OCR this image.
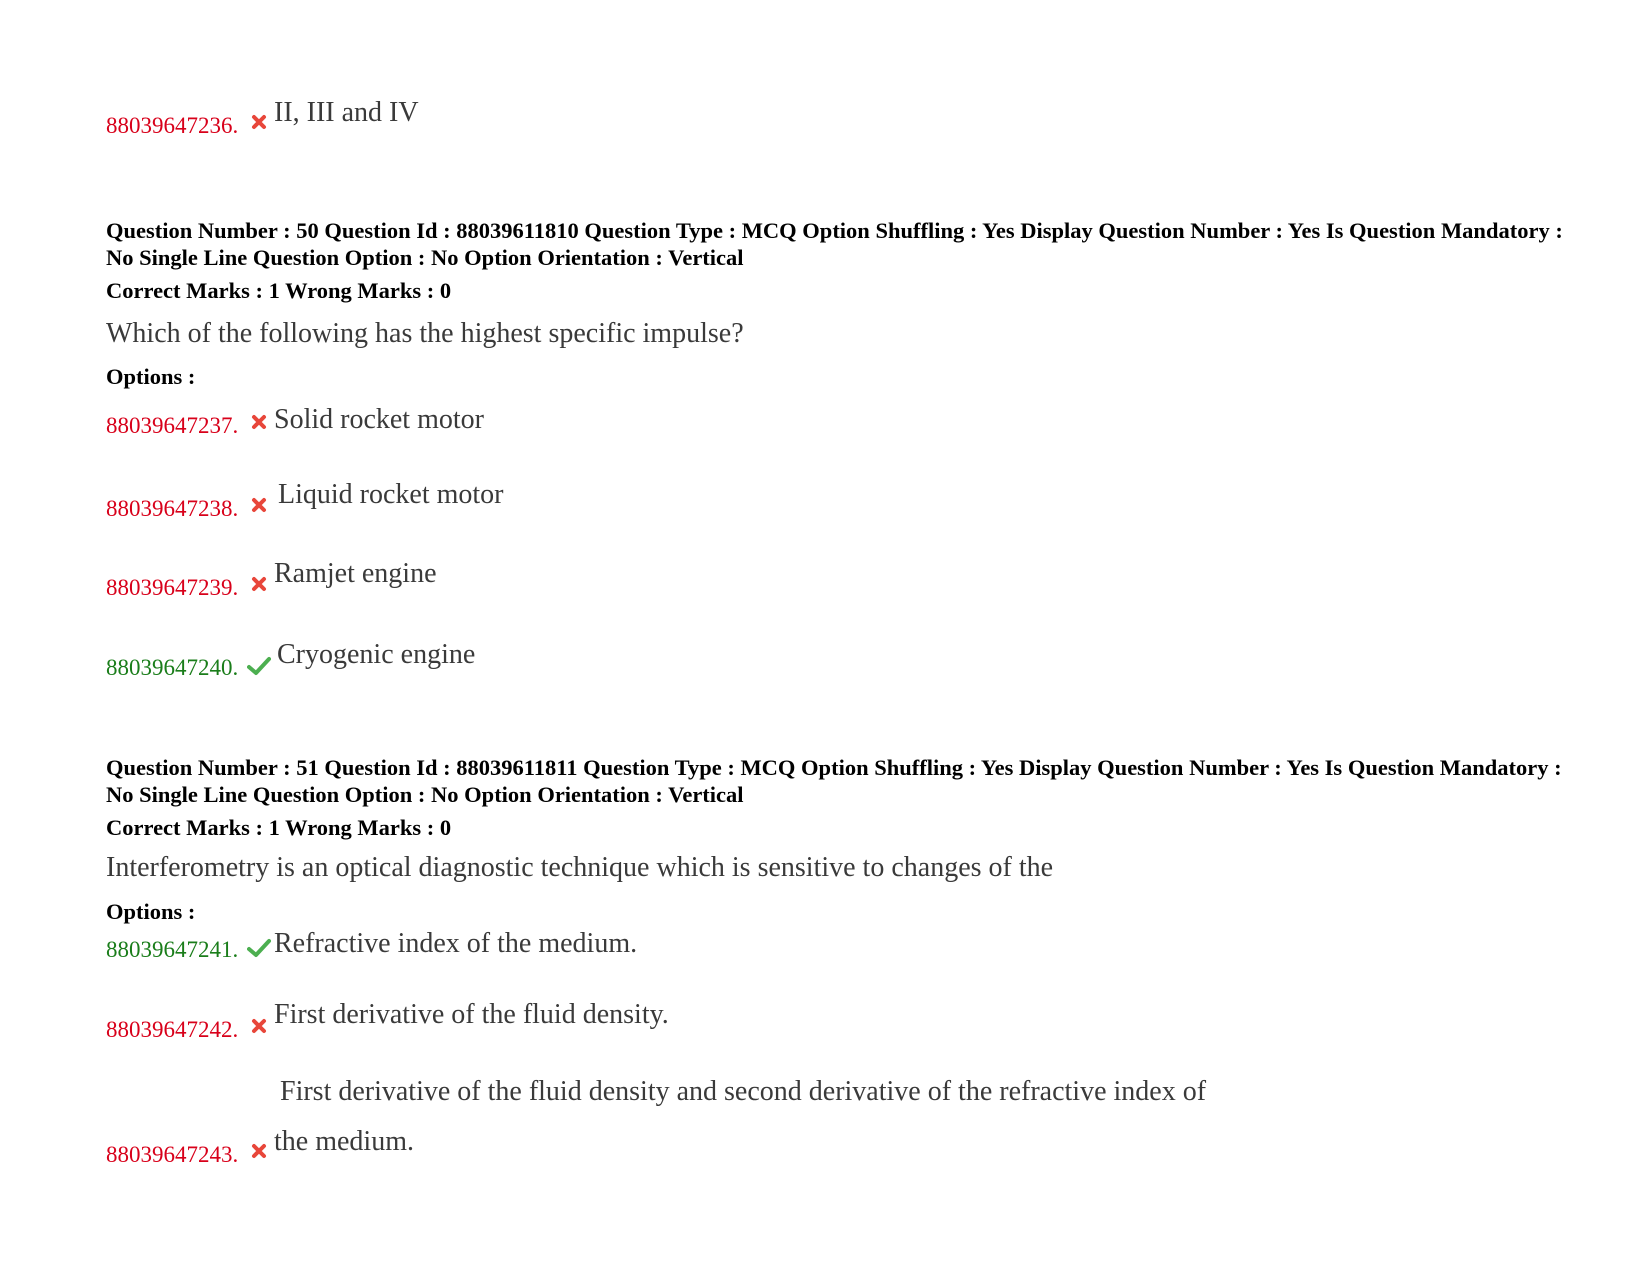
88039647236. II, III and IV
Question Number : 50 Question Id : 88039611810 Question Type : MCQ Option Shuffling : Yes Display Question Number : Yes Is Question Mandatory : No Single Line Question Option : No Option Orientation : Vertical
Correct Marks : 1 Wrong Marks : 0
Which of the following has the highest specific impulse?
Options :
88039647237. Solid rocket motor
88039647238. Liquid rocket motor
88039647239. Ramjet engine
88039647240. Cryogenic engine
Question Number : 51 Question Id : 88039611811 Question Type : MCQ Option Shuffling : Yes Display Question Number : Yes Is Question Mandatory : No Single Line Question Option : No Option Orientation : Vertical
Correct Marks : 1 Wrong Marks : 0
Interferometry is an optical diagnostic technique which is sensitive to changes of the
Options :
88039647241. Refractive index of the medium.
88039647242. First derivative of the fluid density.
First derivative of the fluid density and second derivative of the refractive index of
88039647243. the medium.
